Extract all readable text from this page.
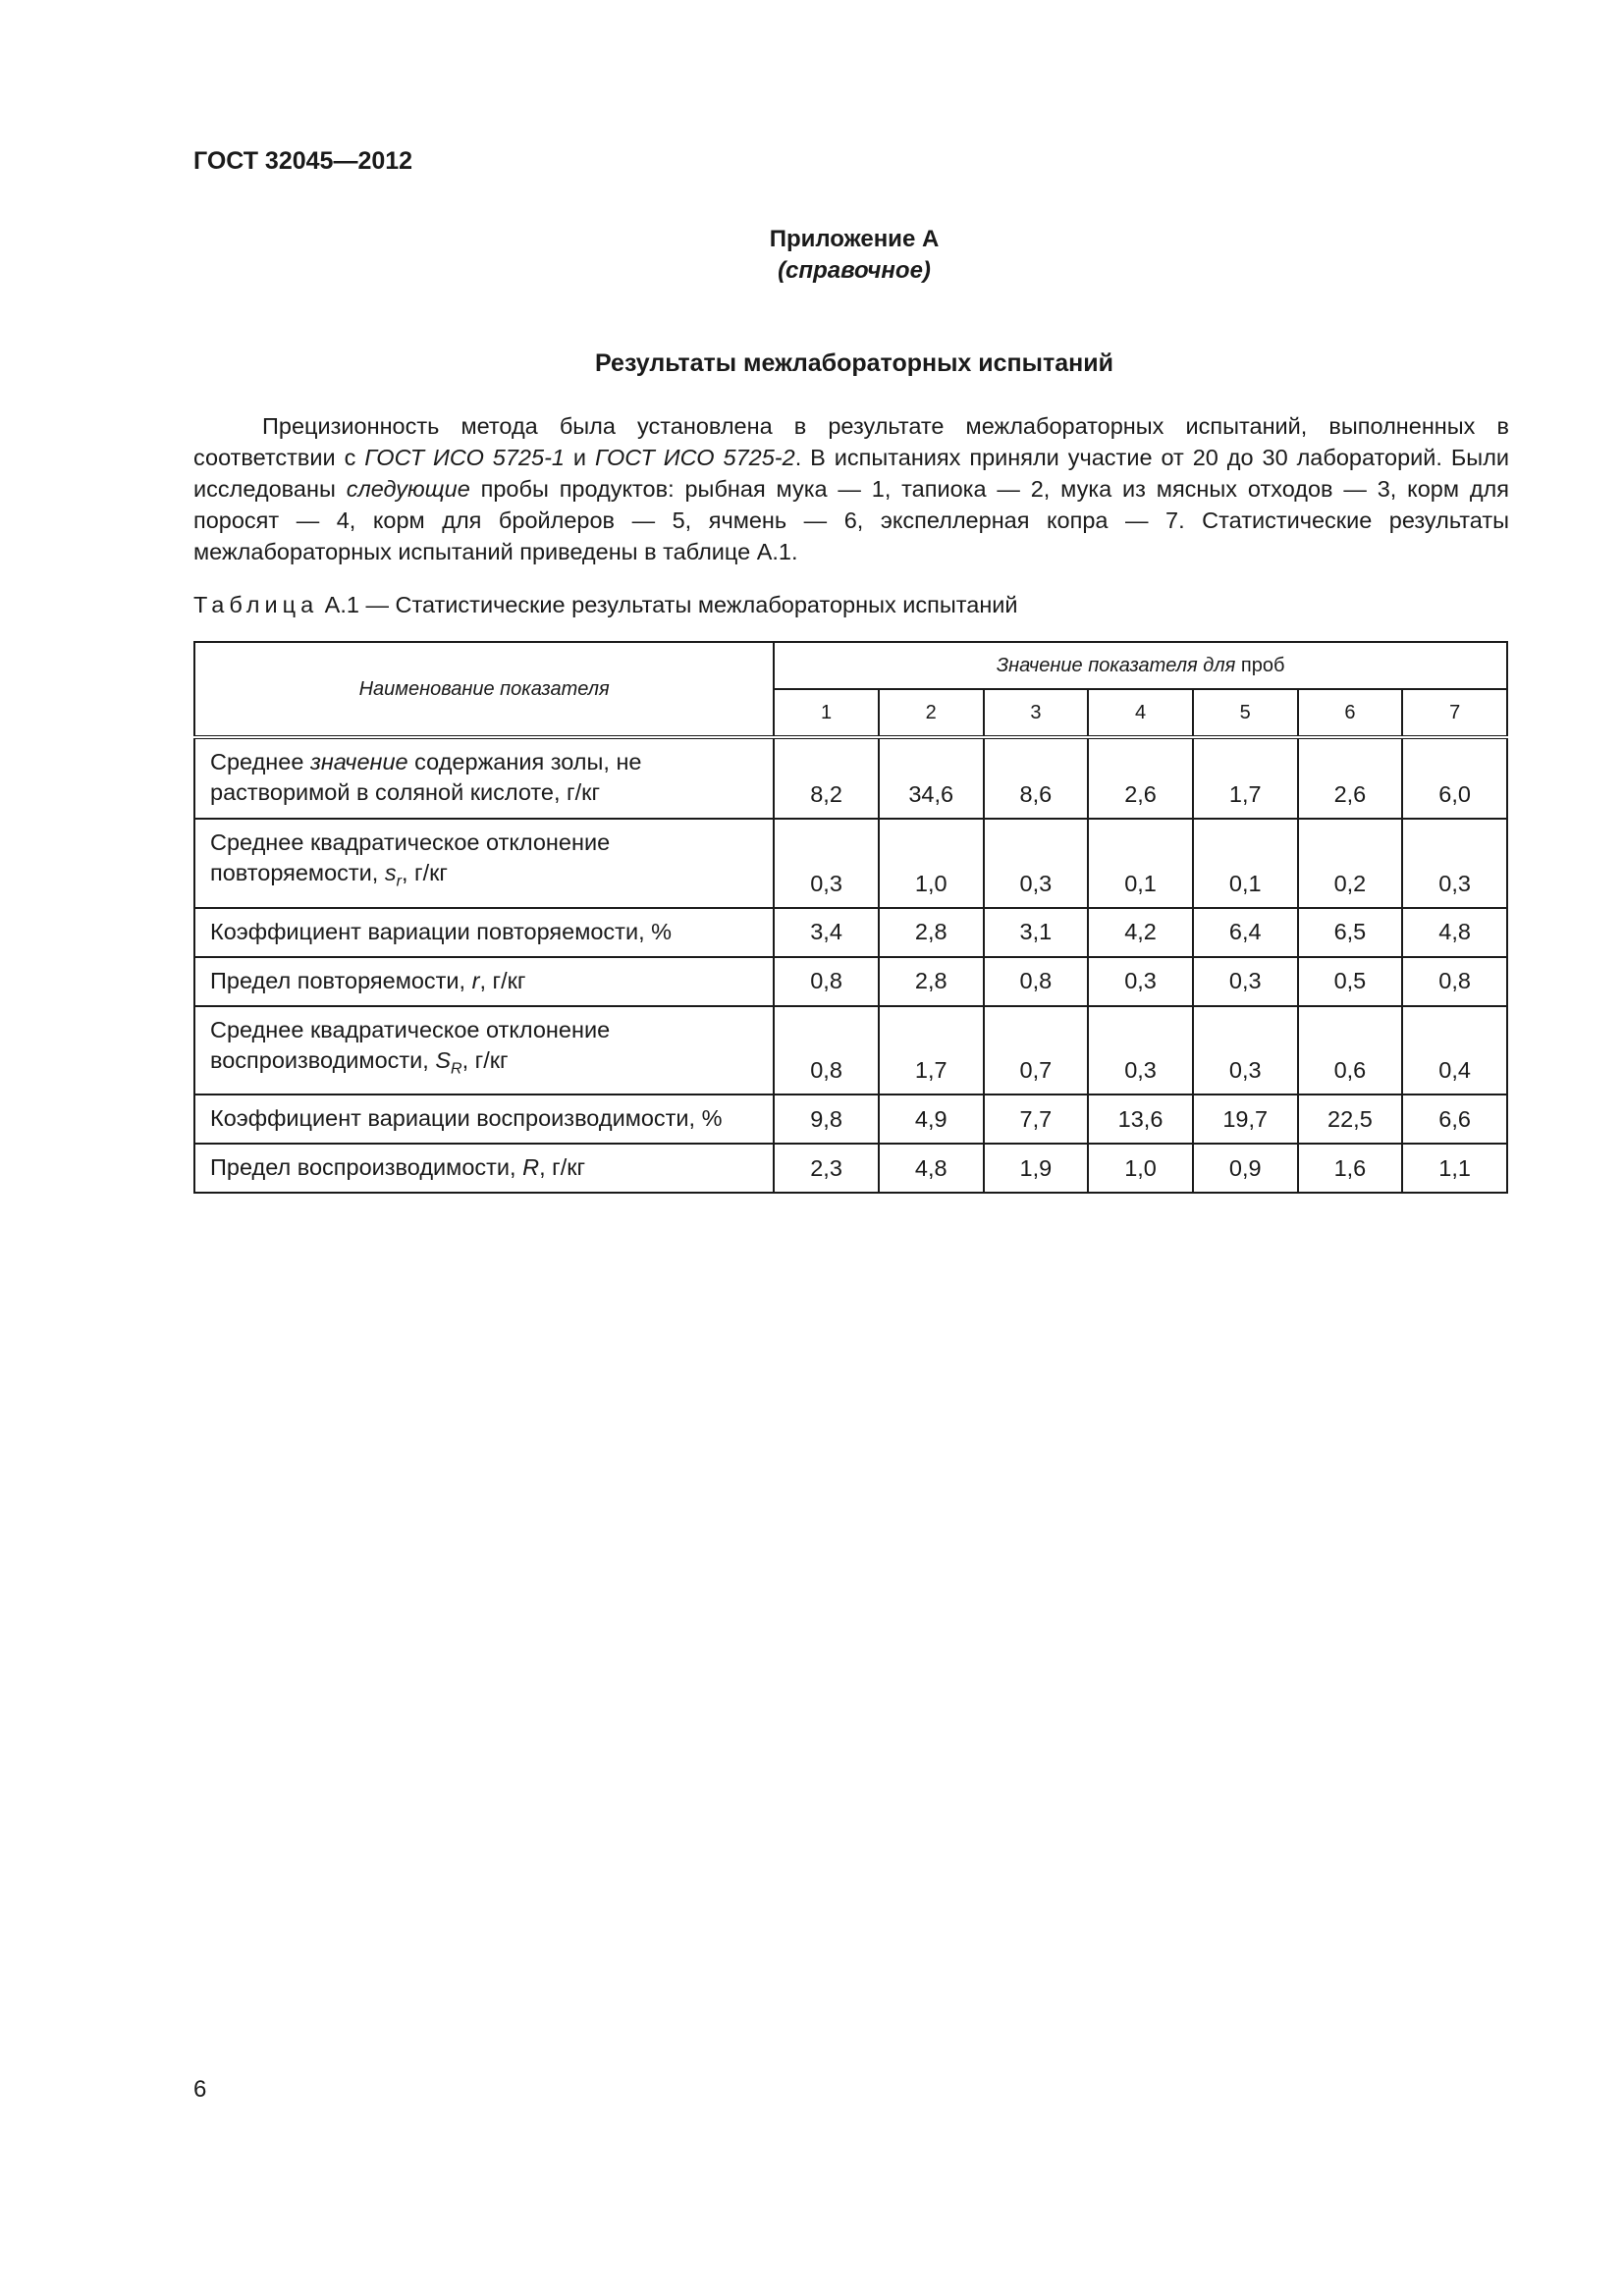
ГОСТ 32045—2012
Приложение А
(справочное)
Результаты межлабораторных испытаний

Прецизионность метода была установлена в результате межлабораторных испытаний, выполненных в соответствии с ГОСТ ИСО 5725-1 и ГОСТ ИСО 5725-2. В испытаниях приняли участие от 20 до 30 лабораторий. Были исследованы следующие пробы продуктов: рыбная мука — 1, тапиока — 2, мука из мясных отходов — 3, корм для поросят — 4, корм для бройлеров — 5, ячмень — 6, экспеллерная копра — 7. Статистические результаты межлабораторных испытаний приведены в таблице А.1.

Таблица А.1 — Статистические результаты межлабораторных испытаний
Наименование показателя	Значение показателя для проб						
	1	2	3	4	5	6	7
Среднее значение содержания золы, не растворимой в соляной кислоте, г/кг	8,2	34,6	8,6	2,6	1,7	2,6	6,0
Среднее квадратическое отклонение повторяемости, $s_r$, г/кг	0,3	1,0	0,3	0,1	0,1	0,2	0,3
Коэффициент вариации повторяемости, %	3,4	2,8	3,1	4,2	6,4	6,5	4,8
Предел повторяемости, r, г/кг	0,8	2,8	0,8	0,3	0,3	0,5	0,8
Среднее квадратическое отклонение воспроизводимости, $S_R$, г/кг	0,8	1,7	0,7	0,3	0,3	0,6	0,4
Коэффициент вариации воспроизводимости, %	9,8	4,9	7,7	13,6	19,7	22,5	6,6
Предел воспроизводимости, R, г/кг	2,3	4,8	1,9	1,0	0,9	1,6	1,1
6
